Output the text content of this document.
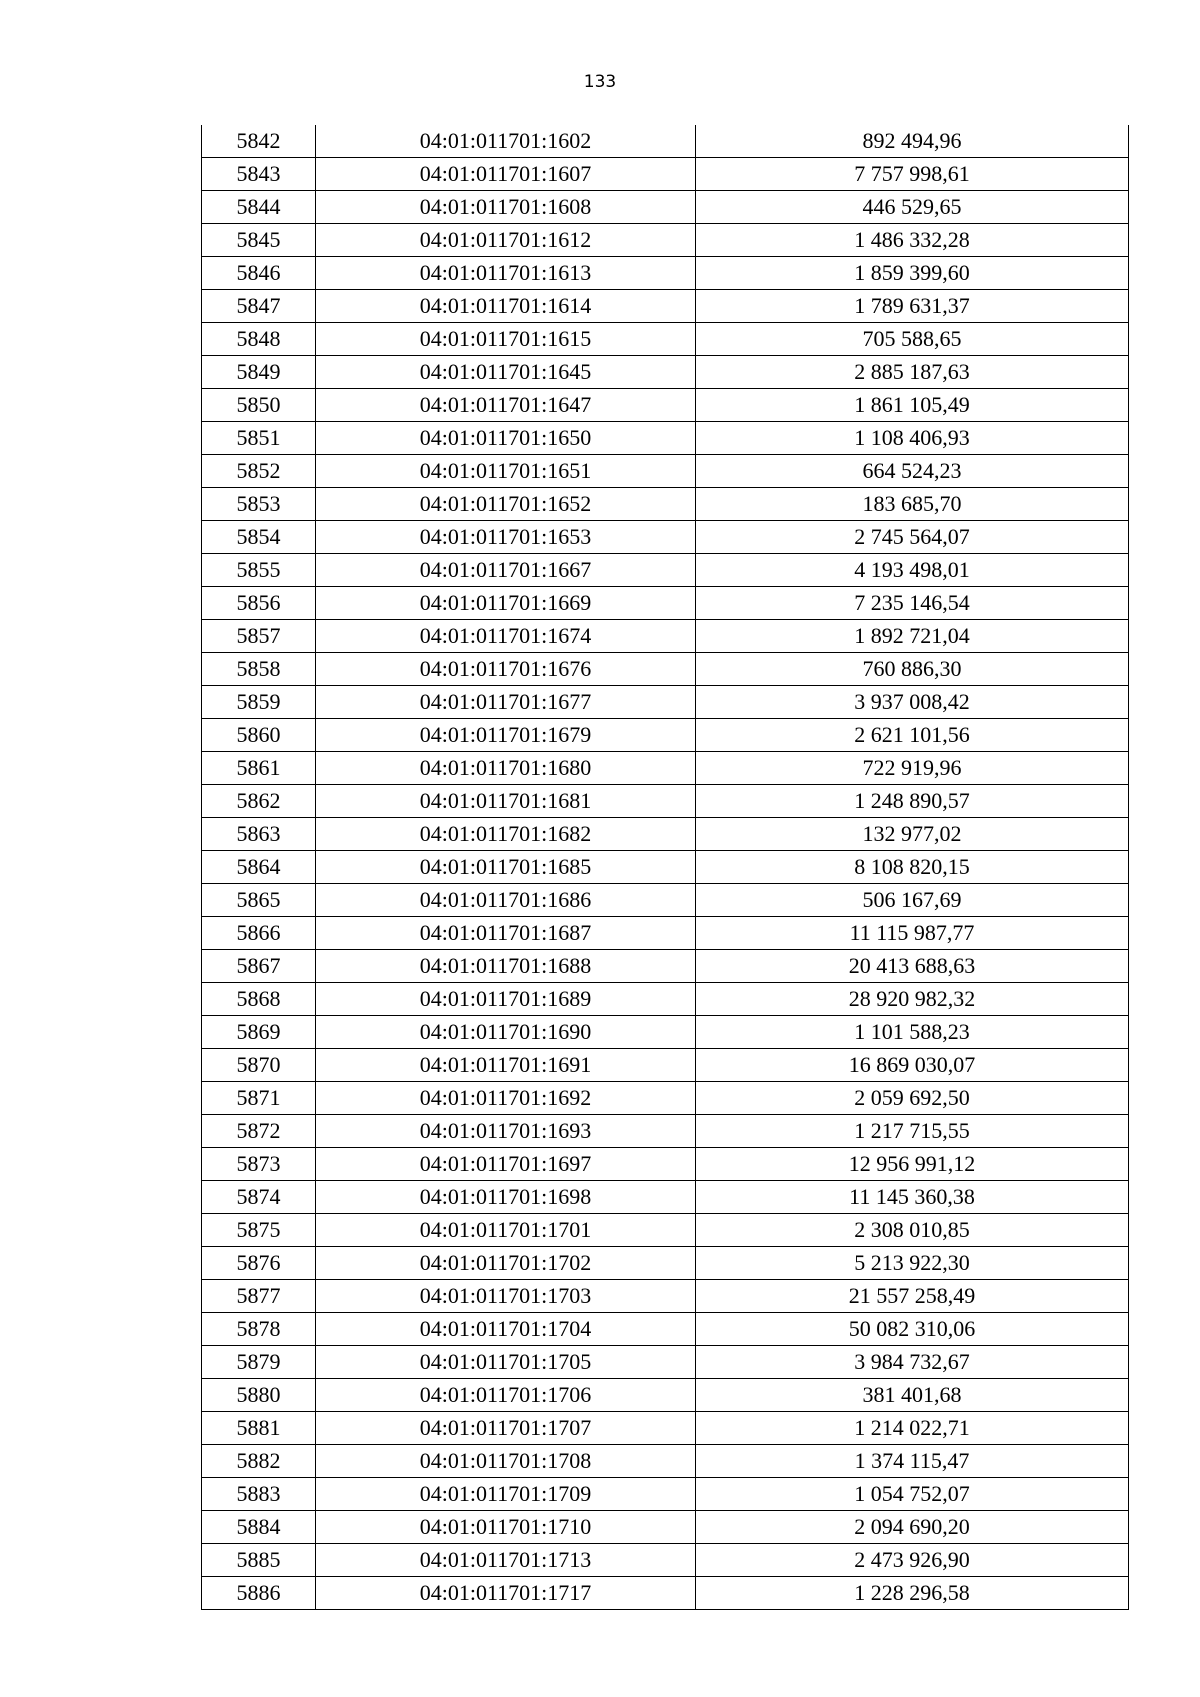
133
5842	04:01:011701:1602	892 494,96
5843	04:01:011701:1607	7 757 998,61
5844	04:01:011701:1608	446 529,65
5845	04:01:011701:1612	1 486 332,28
5846	04:01:011701:1613	1 859 399,60
5847	04:01:011701:1614	1 789 631,37
5848	04:01:011701:1615	705 588,65
5849	04:01:011701:1645	2 885 187,63
5850	04:01:011701:1647	1 861 105,49
5851	04:01:011701:1650	1 108 406,93
5852	04:01:011701:1651	664 524,23
5853	04:01:011701:1652	183 685,70
5854	04:01:011701:1653	2 745 564,07
5855	04:01:011701:1667	4 193 498,01
5856	04:01:011701:1669	7 235 146,54
5857	04:01:011701:1674	1 892 721,04
5858	04:01:011701:1676	760 886,30
5859	04:01:011701:1677	3 937 008,42
5860	04:01:011701:1679	2 621 101,56
5861	04:01:011701:1680	722 919,96
5862	04:01:011701:1681	1 248 890,57
5863	04:01:011701:1682	132 977,02
5864	04:01:011701:1685	8 108 820,15
5865	04:01:011701:1686	506 167,69
5866	04:01:011701:1687	11 115 987,77
5867	04:01:011701:1688	20 413 688,63
5868	04:01:011701:1689	28 920 982,32
5869	04:01:011701:1690	1 101 588,23
5870	04:01:011701:1691	16 869 030,07
5871	04:01:011701:1692	2 059 692,50
5872	04:01:011701:1693	1 217 715,55
5873	04:01:011701:1697	12 956 991,12
5874	04:01:011701:1698	11 145 360,38
5875	04:01:011701:1701	2 308 010,85
5876	04:01:011701:1702	5 213 922,30
5877	04:01:011701:1703	21 557 258,49
5878	04:01:011701:1704	50 082 310,06
5879	04:01:011701:1705	3 984 732,67
5880	04:01:011701:1706	381 401,68
5881	04:01:011701:1707	1 214 022,71
5882	04:01:011701:1708	1 374 115,47
5883	04:01:011701:1709	1 054 752,07
5884	04:01:011701:1710	2 094 690,20
5885	04:01:011701:1713	2 473 926,90
5886	04:01:011701:1717	1 228 296,58
